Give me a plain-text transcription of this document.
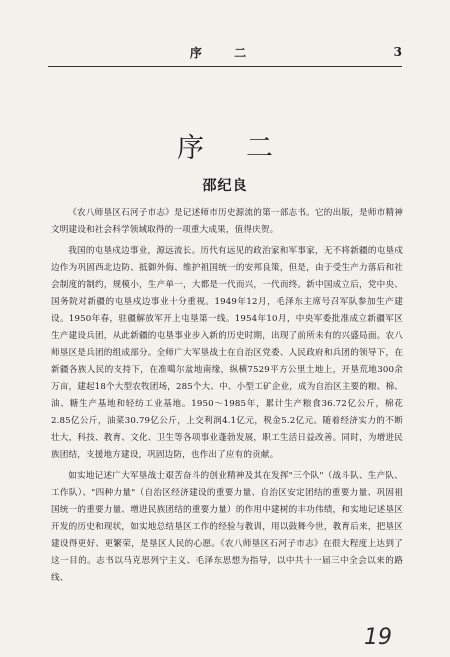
序 二	3
序二
邵纪良

《农八师垦区石河子市志》是记述师市历史源流的第一部志书。它的出版，是师市精神文明建设和社会科学领域取得的一项重大成果，值得庆贺。

我国的屯垦戍边事业，源远流长。历代有远见的政治家和军事家，无不将新疆的屯垦戍边作为巩固西北边防、抵御外侮、维护祖国统一的安邦良策，但是，由于受生产力落后和社会制度的制约，规模小，生产单一，大都是一代而兴，一代而终。新中国成立后，党中央、国务院对新疆的屯垦戍边事业十分重视。1949年12月，毛泽东主席号召军队参加生产建设。1950年春，驻疆解放军开上屯垦第一线。1954年10月，中央军委批准成立新疆军区生产建设兵团，从此新疆的屯垦事业步入新的历史时期，出现了前所未有的兴盛局面。农八师垦区是兵团的组成部分。全师广大军垦战士在自治区党委、人民政府和兵团的领导下，在新疆各族人民的支持下，在准噶尔盆地南缘，纵横7529平方公里土地上，开垦荒地300余万亩，建起18个大型农牧团场，285个大、中、小型工矿企业，成为自治区主要的粮、棉、油、糖生产基地和轻纺工业基地。1950～1985年，累计生产粮食36.72亿公斤，棉花2.85亿公斤，油菜30.79亿公斤，上交利润4.1亿元，税金5.2亿元。随着经济实力的不断壮大，科技、教育、文化、卫生等各项事业蓬勃发展，职工生活日益改善。同时，为增进民族团结，支援地方建设，巩固边防，也作出了应有的贡献。

如实地记述广大军垦战士艰苦奋斗的创业精神及其在发挥"三个队"（战斗队、生产队、工作队）、"四种力量"（自治区经济建设的重要力量、自治区安定团结的重要力量、巩固祖国统一的重要力量、增进民族团结的重要力量）的作用中建树的丰功伟绩，和实地记述垦区开发的历史和现状，如实地总结垦区工作的经验与教训，用以鼓舞今世，教育后来，把垦区建设得更好、更繁荣，是垦区人民的心愿。《农八师垦区石河子市志》在很大程度上达到了这一目的。志书以马克思列宁主义、毛泽东思想为指导，以中共十一届三中全会以来的路线、

19
